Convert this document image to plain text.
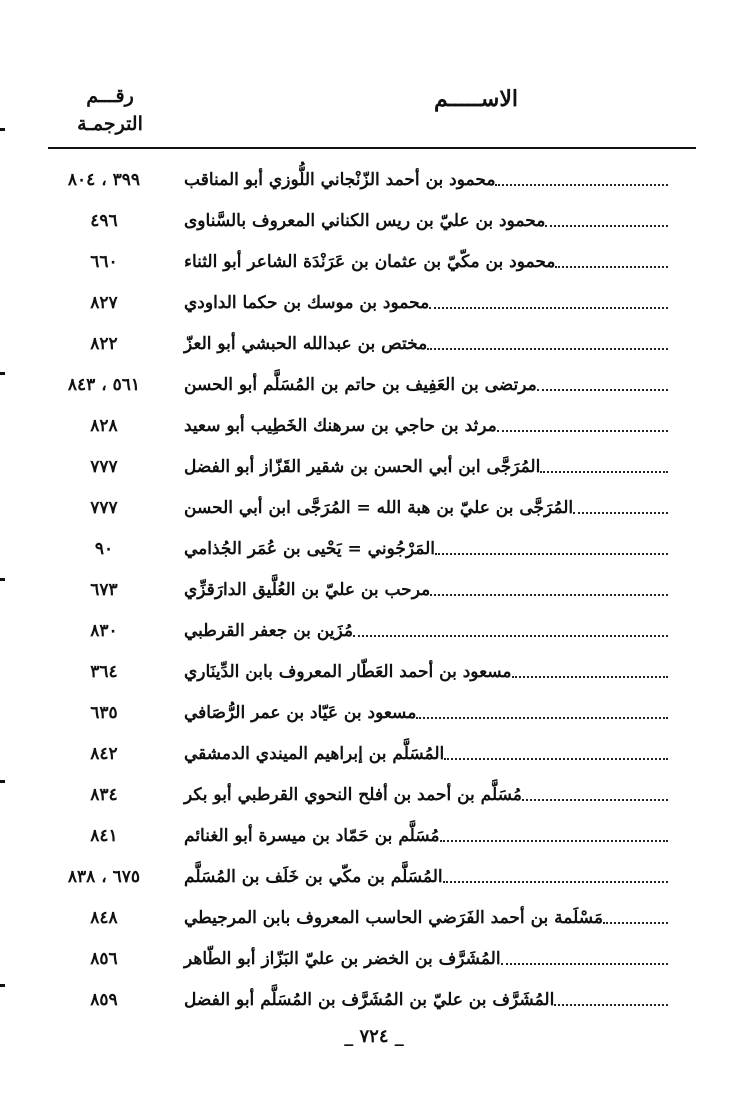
الاســـــم
رقـــم
الترجمـة
محمود بن أحمد الزّنْجاني اللُّوزي أبو المناقب
٣٩٩ ، ٨٠٤
محمود بن عليّ بن ريس الكناني المعروف بالسَّناوى
٤٩٦
محمود بن مكّيّ بن عثمان بن عَرَنْدَة الشاعر أبو الثناء
٦٦٠
محمود بن موسك بن حكما الداودي
٨٢٧
مختص بن عبدالله الحبشي أبو العزّ
٨٢٢
مرتضى بن العَفِيف بن حاتم بن المُسَلَّم أبو الحسن
٥٦١ ، ٨٤٣
مرثد بن حاجي بن سرهنك الخَطِيب أبو سعيد
٨٢٨
المُرَجَّى ابن أبي الحسن بن شقير القَزّاز أبو الفضل
٧٧٧
المُرَجَّى بن عليّ بن هبة الله = المُرَجَّى ابن أبي الحسن
٧٧٧
المَرْجُوني = يَحْيى بن عُمَر الجُذامي
٩٠
مرحب بن عليّ بن العُلَّيق الدارَقزِّي
٦٧٣
مُزَين بن جعفر القرطبي
٨٣٠
مسعود بن أحمد العَطّار المعروف بابن الدِّينَاري
٣٦٤
مسعود بن عَيّاد بن عمر الرُّصَافي
٦٣٥
المُسَلَّم بن إبراهيم الميندي الدمشقي
٨٤٢
مُسَلَّم بن أحمد بن أفلح النحوي القرطبي أبو بكر
٨٣٤
مُسَلَّم بن حَمّاد بن ميسرة أبو الغنائم
٨٤١
المُسَلَّم بن مكّي بن خَلَف بن المُسَلَّم
٦٧٥ ، ٨٣٨
مَسْلَمة بن أحمد الفَرَضي الحاسب المعروف بابن المرجيطي
٨٤٨
المُشَرَّف بن الخضر بن عليّ البَزّاز أبو الطّاهر
٨٥٦
المُشَرَّف بن عليّ بن المُشَرَّف بن المُسَلَّم أبو الفضل
٨٥٩
_ ٧٢٤ _
